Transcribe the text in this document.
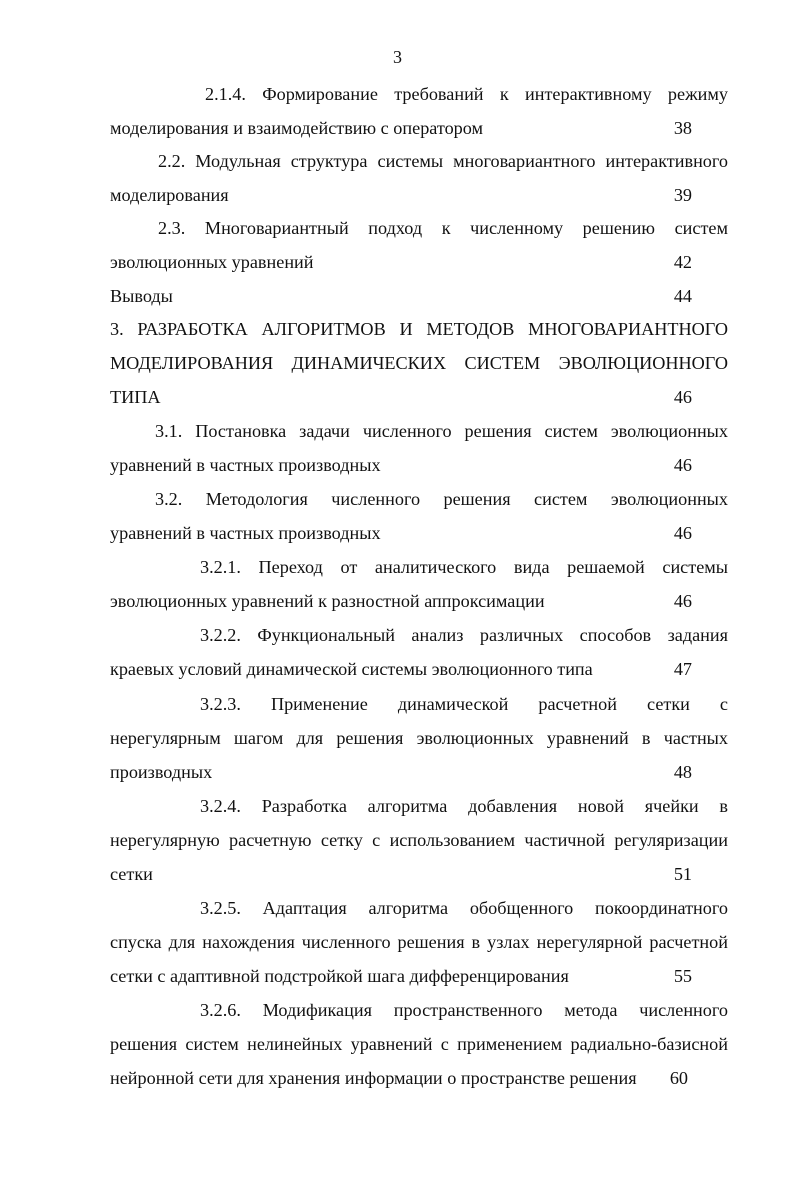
3
2.1.4. Формирование требований к интерактивному режиму
моделирования и взаимодействию с оператором	38
2.2. Модульная структура системы многовариантного интерактивного
моделирования	39
2.3. Многовариантный подход к численному решению систем
эволюционных уравнений	42
Выводы	44
3. РАЗРАБОТКА АЛГОРИТМОВ И МЕТОДОВ МНОГОВАРИАНТНОГО
МОДЕЛИРОВАНИЯ ДИНАМИЧЕСКИХ СИСТЕМ ЭВОЛЮЦИОННОГО
ТИПА	46
3.1. Постановка задачи численного решения систем эволюционных
уравнений в частных производных	46
3.2. Методология численного решения систем эволюционных
уравнений в частных производных	46
3.2.1. Переход от аналитического вида решаемой системы
эволюционных уравнений к разностной аппроксимации	46
3.2.2. Функциональный анализ различных способов задания
краевых условий динамической системы эволюционного типа	47
3.2.3. Применение динамической расчетной сетки с
нерегулярным шагом для решения эволюционных уравнений в частных
производных	48
3.2.4. Разработка алгоритма добавления новой ячейки в
нерегулярную расчетную сетку с использованием частичной регуляризации
сетки	51
3.2.5. Адаптация алгоритма обобщенного покоординатного
спуска для нахождения численного решения в узлах нерегулярной расчетной
сетки с адаптивной подстройкой шага дифференцирования	55
3.2.6. Модификация пространственного метода численного
решения систем нелинейных уравнений с применением радиально-базисной
нейронной сети для хранения информации о пространстве решения	60
